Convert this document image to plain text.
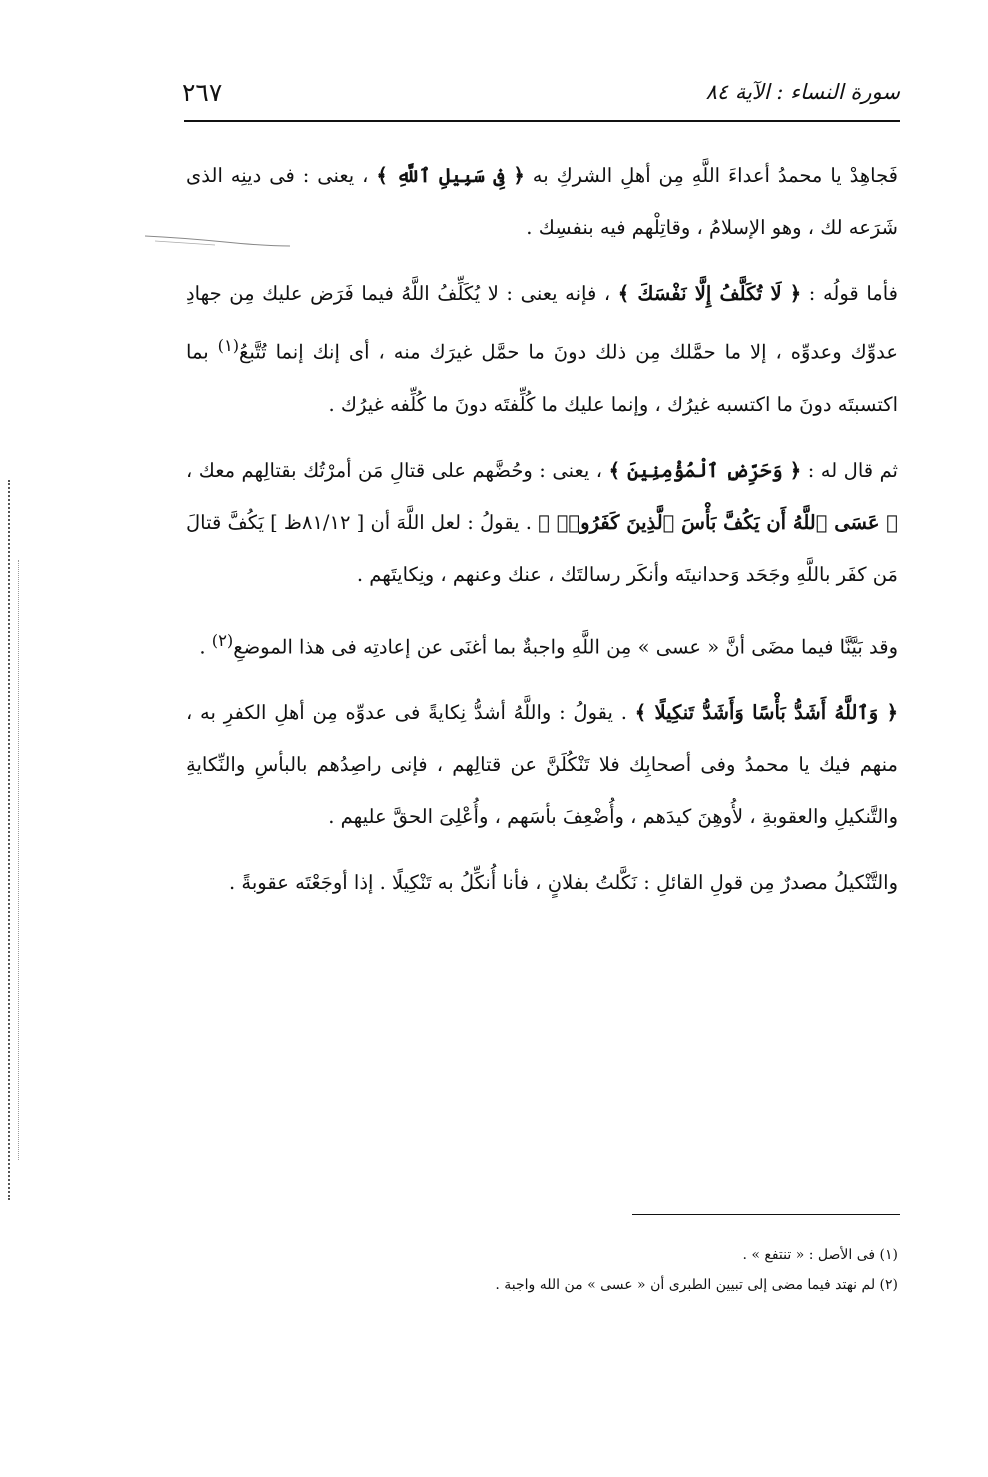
سورة النساء : الآية ٨٤
٢٦٧

فَجاهِدْ يا محمدُ أعداءَ اللَّهِ مِن أهلِ الشركِ به ﴿ فِى سَبِيلِ ٱللَّهِ ﴾ ، يعنى : فى دينِه الذى شَرَعه لك ، وهو الإسلامُ ، وقاتِلْهم فيه بنفسِك .

فأما قولُه : ﴿ لَا تُكَلَّفُ إِلَّا نَفْسَكَ ﴾ ، فإنه يعنى : لا يُكَلِّفُ اللَّهُ فيما فَرَض عليك مِن جهادِ عدوِّك وعدوِّه ، إلا ما حمَّلك مِن ذلك دونَ ما حمَّل غيرَك منه ، أى إنك إنما تُتَّبعُ$^{(١)}$ بما اكتسبتَه دونَ ما اكتسبه غيرُك ، وإنما عليك ما كُلِّفتَه دونَ ما كُلِّفه غيرُك .

ثم قال له : ﴿ وَحَرِّضِ ٱلْمُؤْمِنِينَ ﴾ ، يعنى : وحُضَّهم على قتالِ مَن أمرْتُك بقتالِهم معك ، ﴿ عَسَى ٱللَّهُ أَن يَكُفَّ بَأْسَ ٱلَّذِينَ كَفَرُوا۟ ﴾ . يقولُ : لعل اللَّهَ أن [ ٨١/١٢ظ ] يَكُفَّ قتالَ مَن كفَر باللَّهِ وجَحَد وَحدانيتَه وأنكَر رسالتَك ، عنك وعنهم ، ونِكايتَهم .

وقد بَيَّنَّا فيما مضَى أنَّ « عسى » مِن اللَّهِ واجبةٌ بما أغنَى عن إعادتِه فى هذا الموضعِ$^{(٢)}$ .

﴿ وَٱللَّهُ أَشَدُّ بَأْسًا وَأَشَدُّ تَنكِيلًا ﴾ . يقولُ : واللَّهُ أشدُّ نِكايةً فى عدوِّه مِن أهلِ الكفرِ به ، منهم فيك يا محمدُ وفى أصحابِك فلا تَنْكُلَنَّ عن قتالِهم ، فإنى راصِدُهم بالبأسِ والنِّكايةِ والتَّنكيلِ والعقوبةِ ، لأُوهِنَ كيدَهم ، وأُضْعِفَ بأسَهم ، وأُعْلِىَ الحقَّ عليهم .

والتَّنْكيلُ مصدرٌ مِن قولِ القائلِ : نَكَّلتُ بفلانٍ ، فأنا أُنكِّلُ به تَنْكِيلًا . إذا أوجَعْتَه عقوبةً .

(١) فى الأصل : « تنتفع » .
(٢) لم نهتد فيما مضى إلى تبيين الطبرى أن « عسى » من الله واجبة .
